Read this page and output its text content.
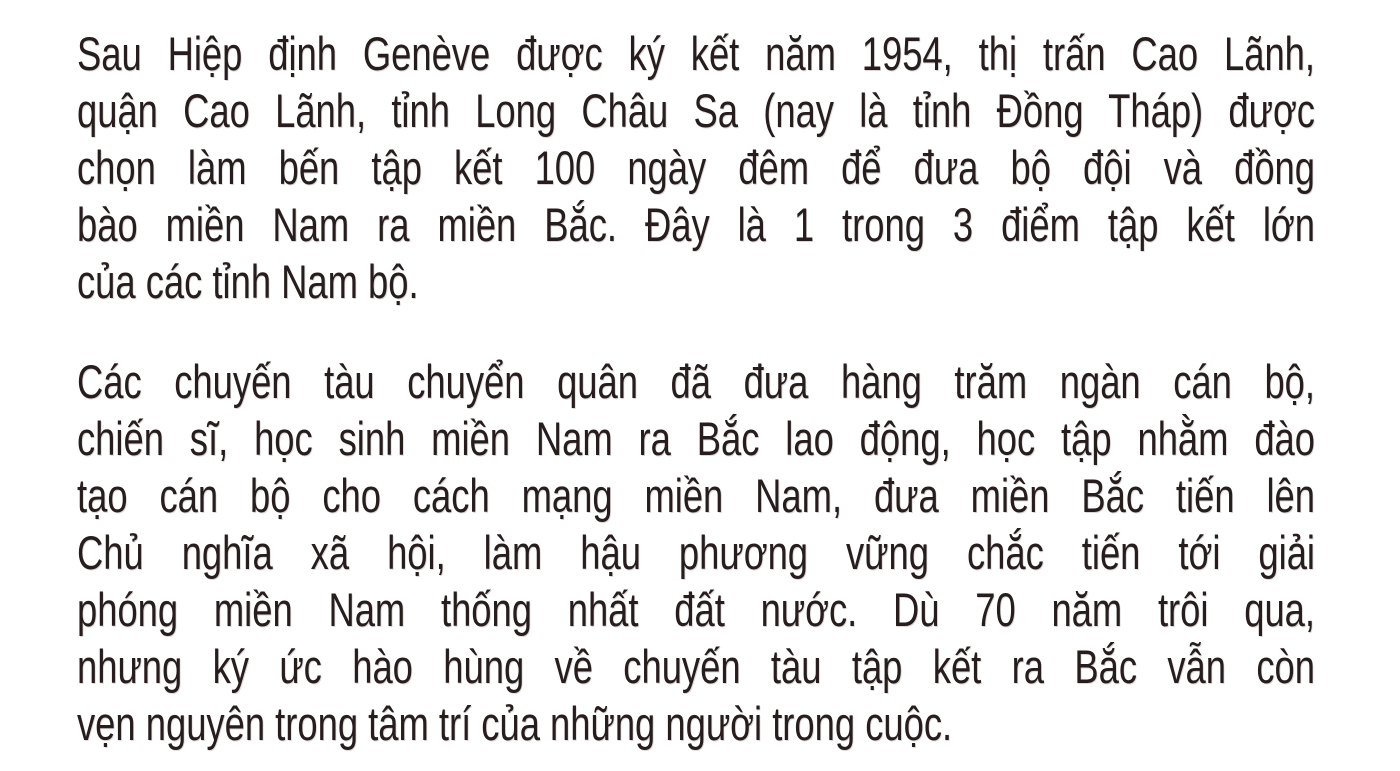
Sau Hiệp định Genève được ký kết năm 1954, thị trấn Cao Lãnh,
quận Cao Lãnh, tỉnh Long Châu Sa (nay là tỉnh Đồng Tháp) được
chọn làm bến tập kết 100 ngày đêm để đưa bộ đội và đồng
bào miền Nam ra miền Bắc. Đây là 1 trong 3 điểm tập kết lớn
của các tỉnh Nam bộ.
Các chuyến tàu chuyển quân đã đưa hàng trăm ngàn cán bộ,
chiến sĩ, học sinh miền Nam ra Bắc lao động, học tập nhằm đào
tạo cán bộ cho cách mạng miền Nam, đưa miền Bắc tiến lên
Chủ nghĩa xã hội, làm hậu phương vững chắc tiến tới giải
phóng miền Nam thống nhất đất nước. Dù 70 năm trôi qua,
nhưng ký ức hào hùng về chuyến tàu tập kết ra Bắc vẫn còn
vẹn nguyên trong tâm trí của những người trong cuộc.
